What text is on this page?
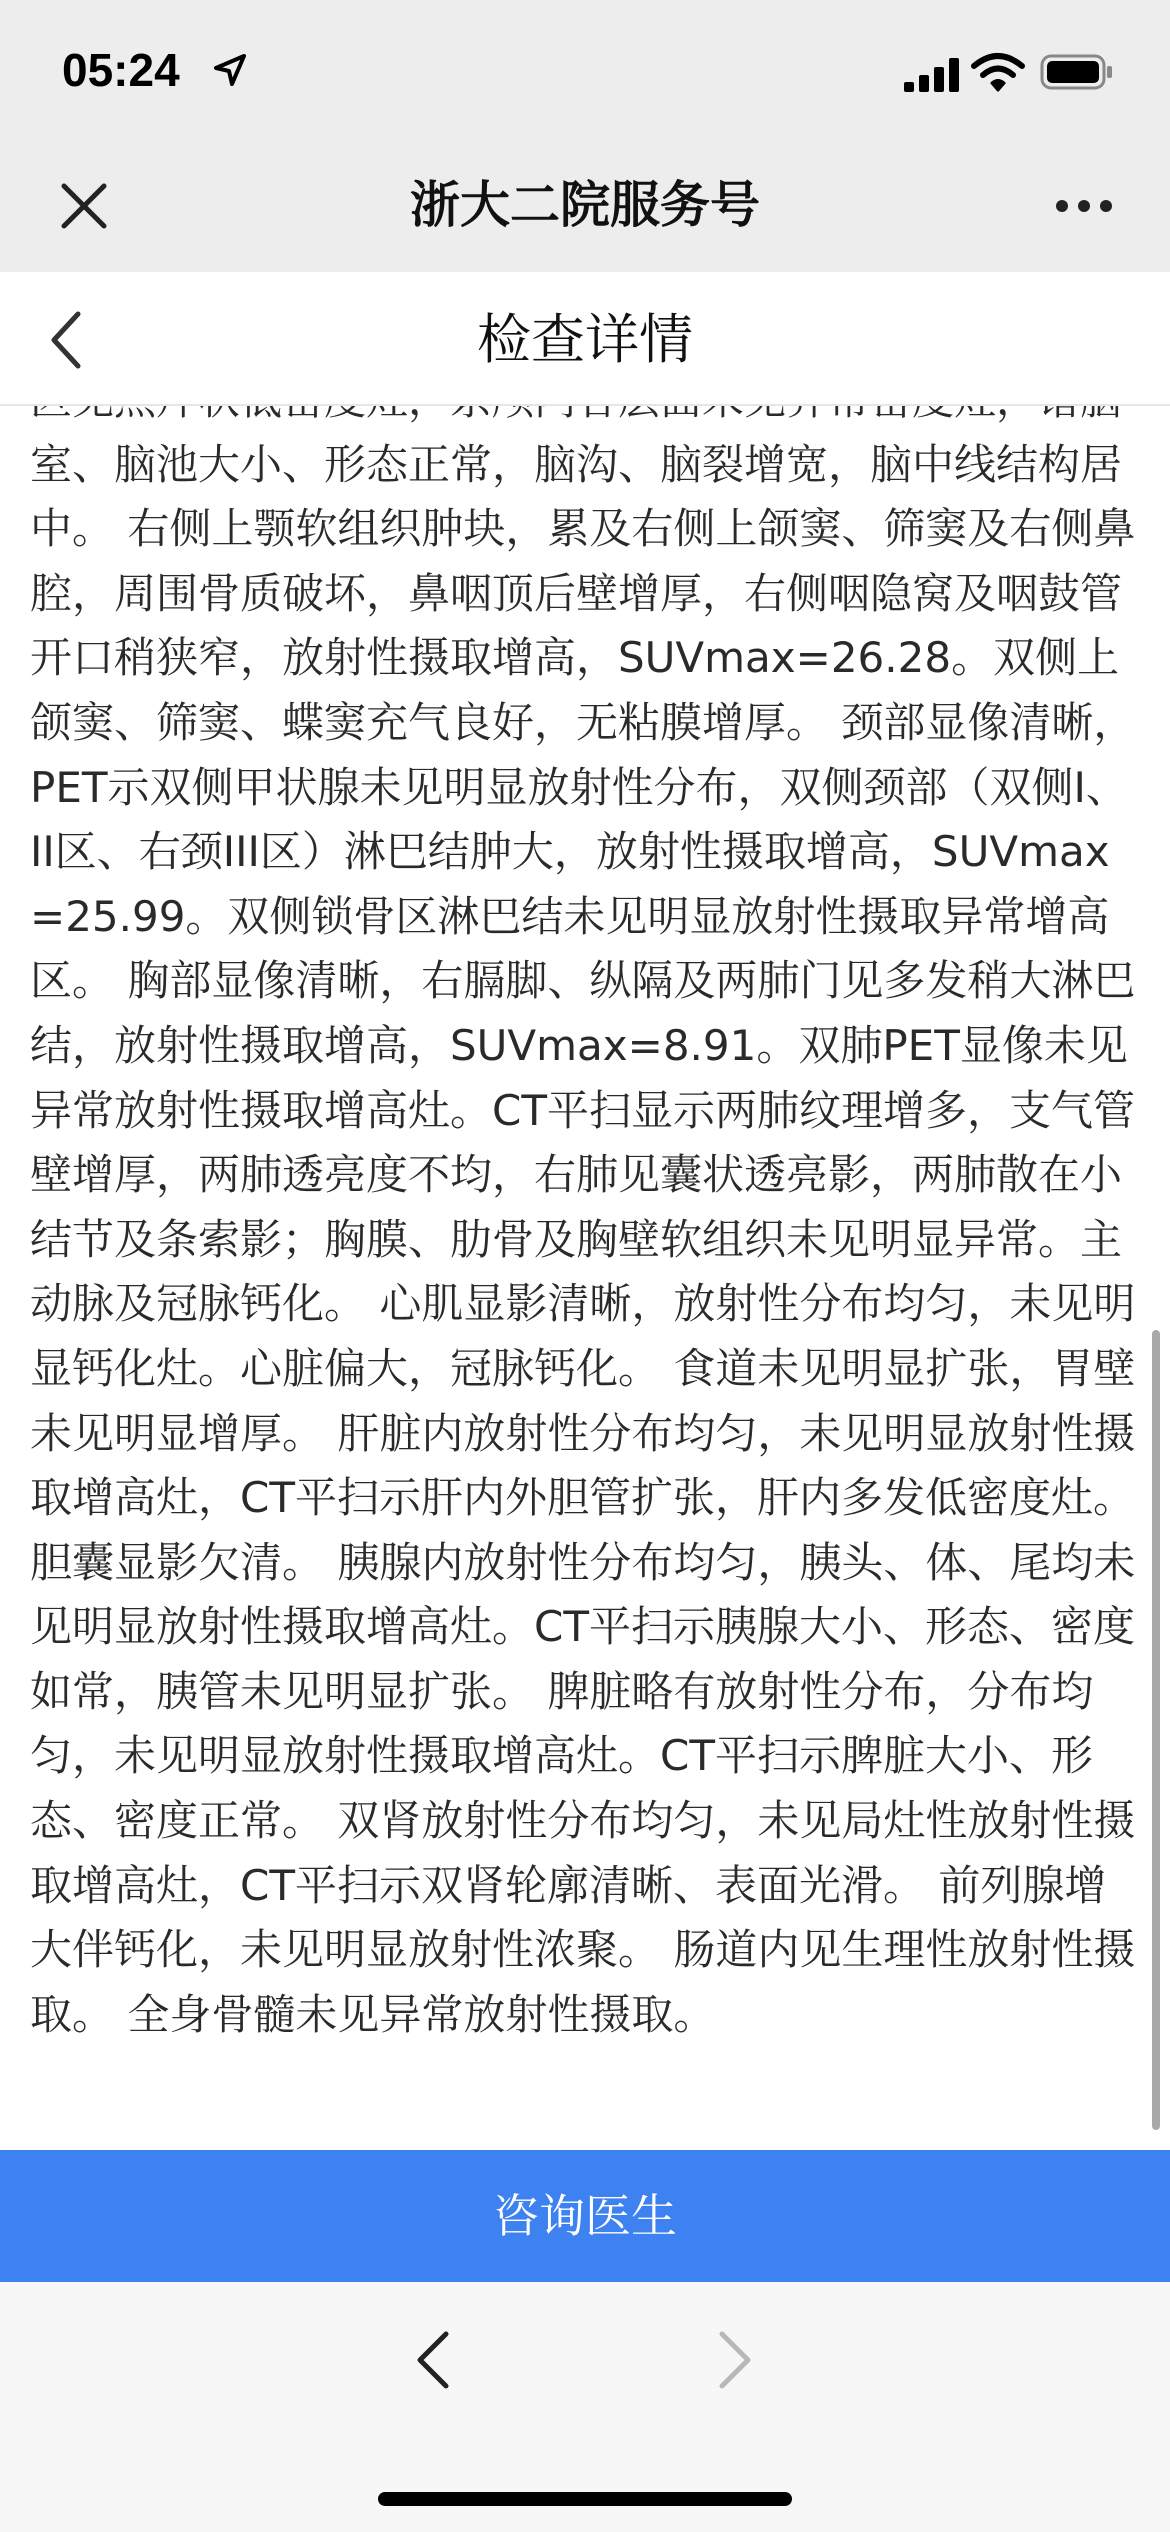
05:24
浙大二院服务号
检查详情

室、脑池大小、形态正常，脑沟、脑裂增宽，脑中线结构居中。 右侧上颚软组织肿块，累及右侧上颌窦、筛窦及右侧鼻腔，周围骨质破坏，鼻咽顶后壁增厚，右侧咽隐窝及咽鼓管开口稍狭窄，放射性摄取增高，SUVmax=26.28。双侧上颌窦、筛窦、蝶窦充气良好，无粘膜增厚。 颈部显像清晰，PET示双侧甲状腺未见明显放射性分布，双侧颈部（双侧I、II区、右颈III区）淋巴结肿大，放射性摄取增高，SUVmax=25.99。双侧锁骨区淋巴结未见明显放射性摄取异常增高区。 胸部显像清晰，右膈脚、纵隔及两肺门见多发稍大淋巴结，放射性摄取增高，SUVmax=8.91。双肺PET显像未见异常放射性摄取增高灶。CT平扫显示两肺纹理增多，支气管壁增厚，两肺透亮度不均，右肺见囊状透亮影，两肺散在小结节及条索影；胸膜、肋骨及胸壁软组织未见明显异常。主动脉及冠脉钙化。 心肌显影清晰，放射性分布均匀，未见明显钙化灶。心脏偏大，冠脉钙化。 食道未见明显扩张，胃壁未见明显增厚。 肝脏内放射性分布均匀，未见明显放射性摄取增高灶，CT平扫示肝内外胆管扩张，肝内多发低密度灶。 胆囊显影欠清。 胰腺内放射性分布均匀，胰头、体、尾均未见明显放射性摄取增高灶。CT平扫示胰腺大小、形态、密度如常，胰管未见明显扩张。 脾脏略有放射性分布，分布均匀，未见明显放射性摄取增高灶。CT平扫示脾脏大小、形态、密度正常。 双肾放射性分布均匀，未见局灶性放射性摄取增高灶，CT平扫示双肾轮廓清晰、表面光滑。 前列腺增大伴钙化，未见明显放射性浓聚。 肠道内见生理性放射性摄取。 全身骨髓未见异常放射性摄取。

咨询医生
